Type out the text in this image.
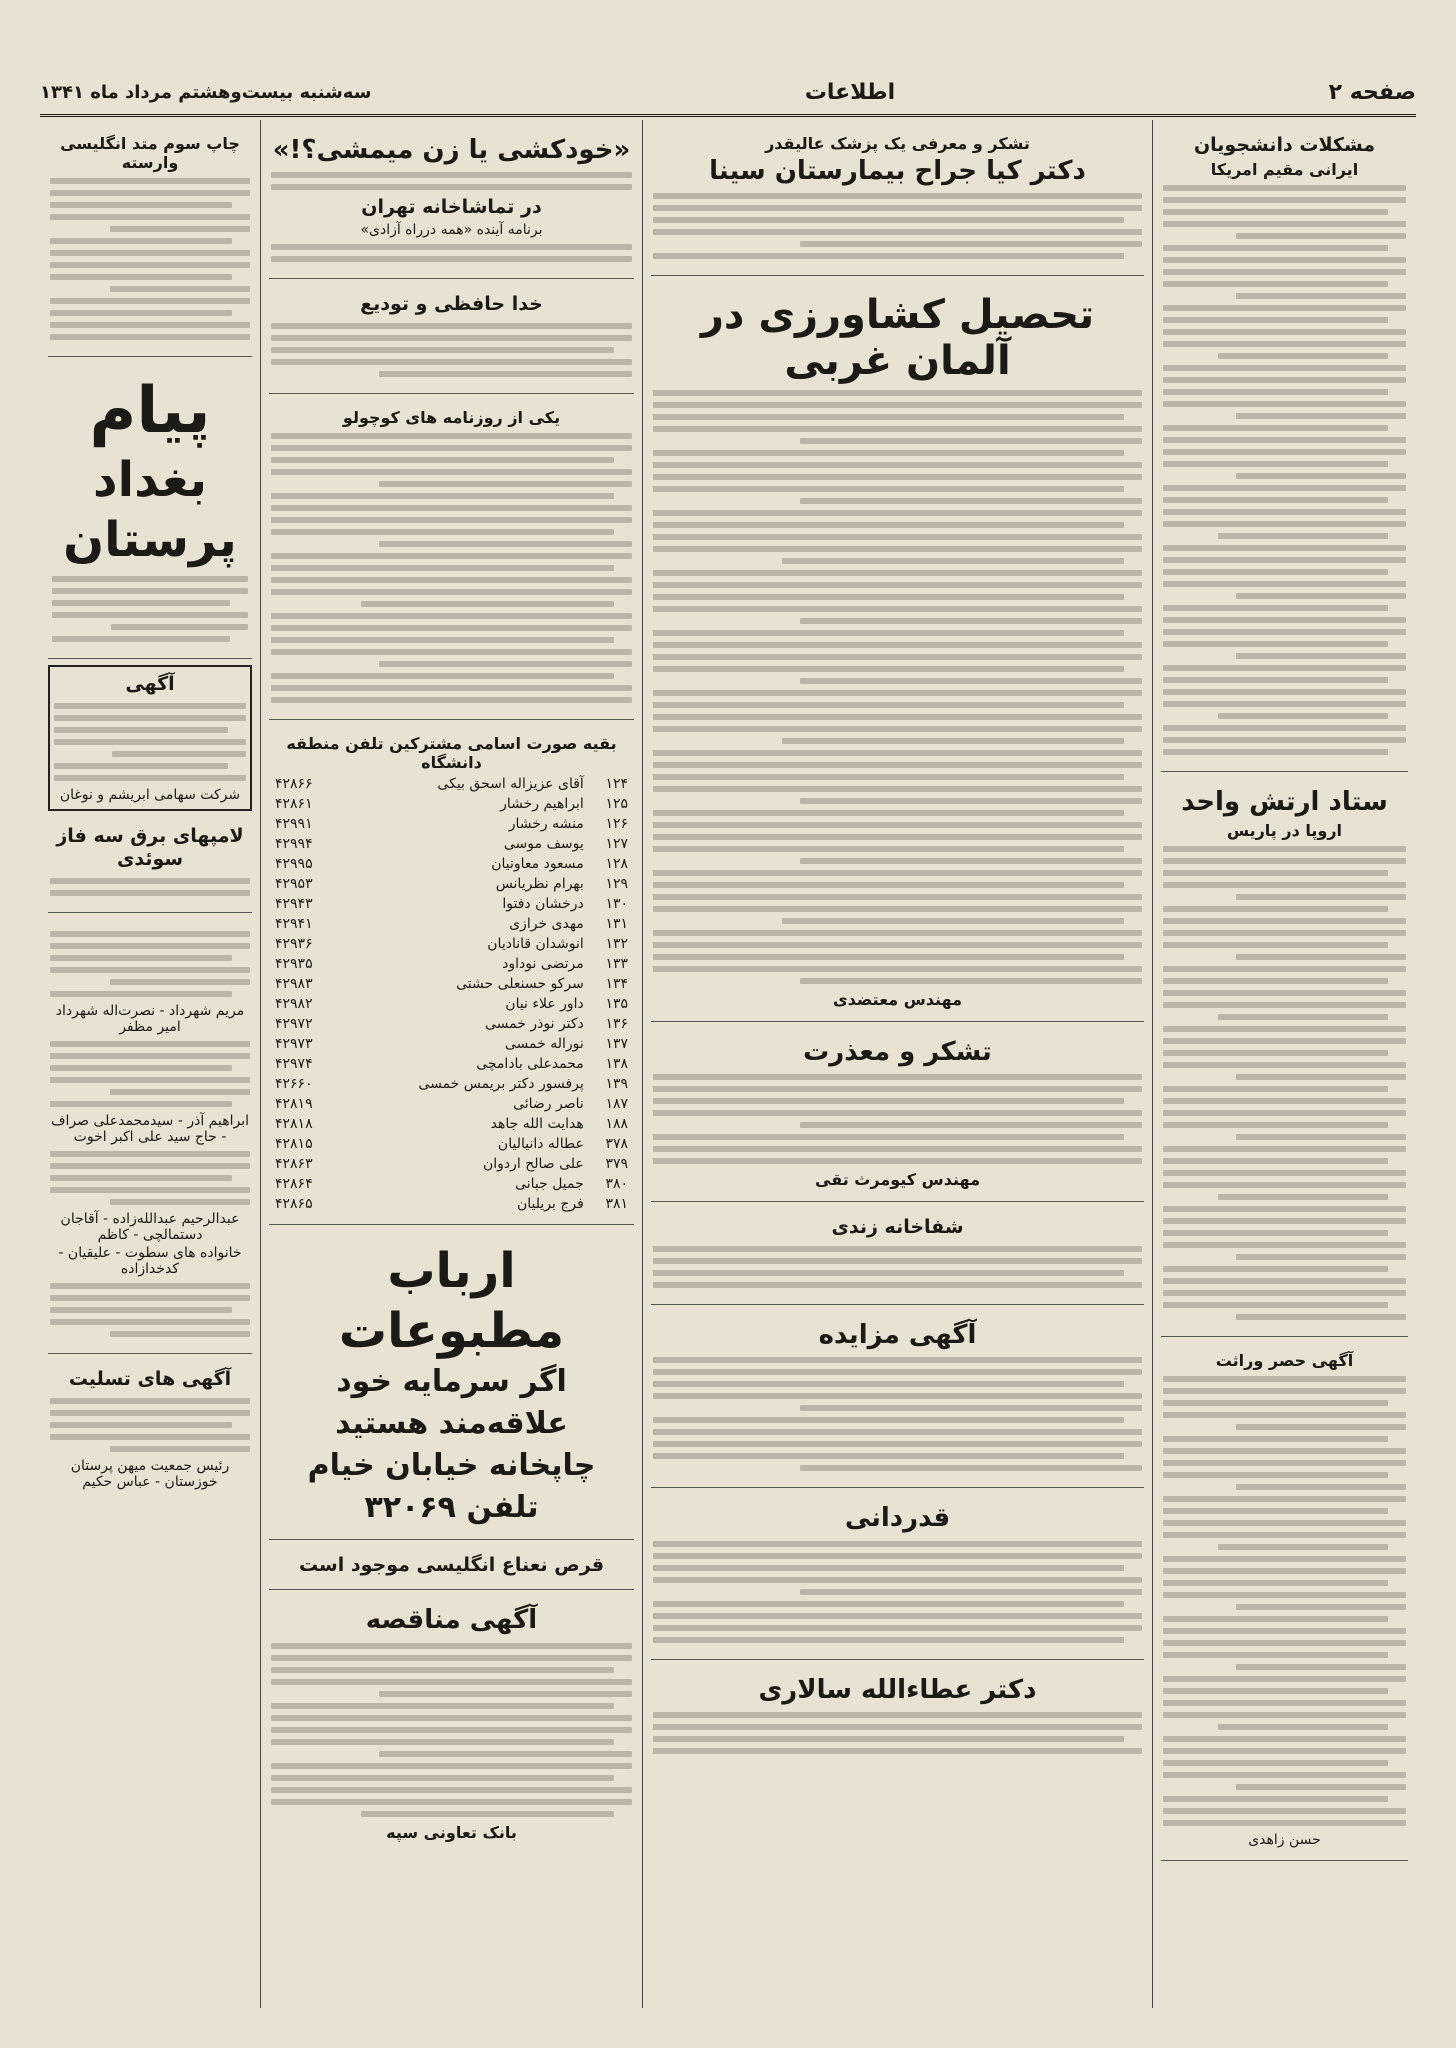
صفحه ۲
اطلاعات
سه‌شنبه بیست‌وهشتم مرداد ماه ۱۳۴۱
مشکلات دانشجویان
ایرانی مقیم امریکا
ستاد ارتش واحد
اروپا در پاریس
آگهی حصر وراثت
حسن زاهدی
تشکر و معرفی یک پزشک عالیقدر
دکتر کیا جراح بیمارستان سینا
تحصیل کشاورزی در آلمان غربی
مهندس معتضدی
تشکر و معذرت
مهندس کیومرث تقی
شفاخانه زندی
آگهی مزایده
قدردانی
دکتر عطاءالله سالاری
«خودکشی یا زن میمشی؟!»
در تماشاخانه تهران
برنامه آینده «همه درراه آزادی»
خدا حافظی و تودیع
یکی از روزنامه های کوچولو
بقیه صورت اسامی مشترکین تلفن منطقه دانشگاه
۱۲۴	آقای عزیزاله اسحق بیکی	۴۲۸۶۶
۱۲۵	ابراهیم رخشار	۴۲۸۶۱
۱۲۶	منشه رخشار	۴۲۹۹۱
۱۲۷	یوسف موسی	۴۲۹۹۴
۱۲۸	مسعود معاونیان	۴۲۹۹۵
۱۲۹	بهرام نظریانس	۴۲۹۵۳
۱۳۰	درخشان دفتوا	۴۲۹۴۳
۱۳۱	مهدی خرازی	۴۲۹۴۱
۱۳۲	انوشدان قانادیان	۴۲۹۳۶
۱۳۳	مرتضی نوداود	۴۲۹۳۵
۱۳۴	سرکو حسنعلی حشتی	۴۲۹۸۳
۱۳۵	داور علاء نیان	۴۲۹۸۲
۱۳۶	دکتر نوذر خمسی	۴۲۹۷۲
۱۳۷	نوراله خمسی	۴۲۹۷۳
۱۳۸	محمدعلی بادامچی	۴۲۹۷۴
۱۳۹	پرفسور دکتر بریمس خمسی	۴۲۶۶۰
۱۸۷	ناصر رضائی	۴۲۸۱۹
۱۸۸	هدایت الله جاهد	۴۲۸۱۸
۳۷۸	عطاله دانیالیان	۴۲۸۱۵
۳۷۹	علی صالح اردوان	۴۲۸۶۳
۳۸۰	جمیل جبانی	۴۲۸۶۴
۳۸۱	فرج بریلیان	۴۲۸۶۵
ارباب مطبوعات
اگر سرمایه خود علاقه‌مند هستید
چاپخانه خیابان خیام
تلفن ۳۲۰۶۹
قرص نعناع انگلیسی موجود است
آگهی مناقصه
بانک تعاونی سپه
چاپ سوم متد انگلیسی وارسته
پیام
بغداد پرستان
آگهی
شرکت سهامی ابریشم و نوغان
لامپهای برق سه فاز سوئدی
مریم شهرداد - نصرت‌اله شهرداد امیر مظفر
ابراهیم آذر - سیدمحمدعلی صراف - حاج سید علی اکبر اخوت
عبدالرحیم عبدالله‌زاده - آقاجان دستمالچی - کاظم
خانواده های سطوت - علیقیان - کدخدازاده
آگهی های تسلیت
رئیس جمعیت میهن پرستان خوزستان - عباس حکیم
